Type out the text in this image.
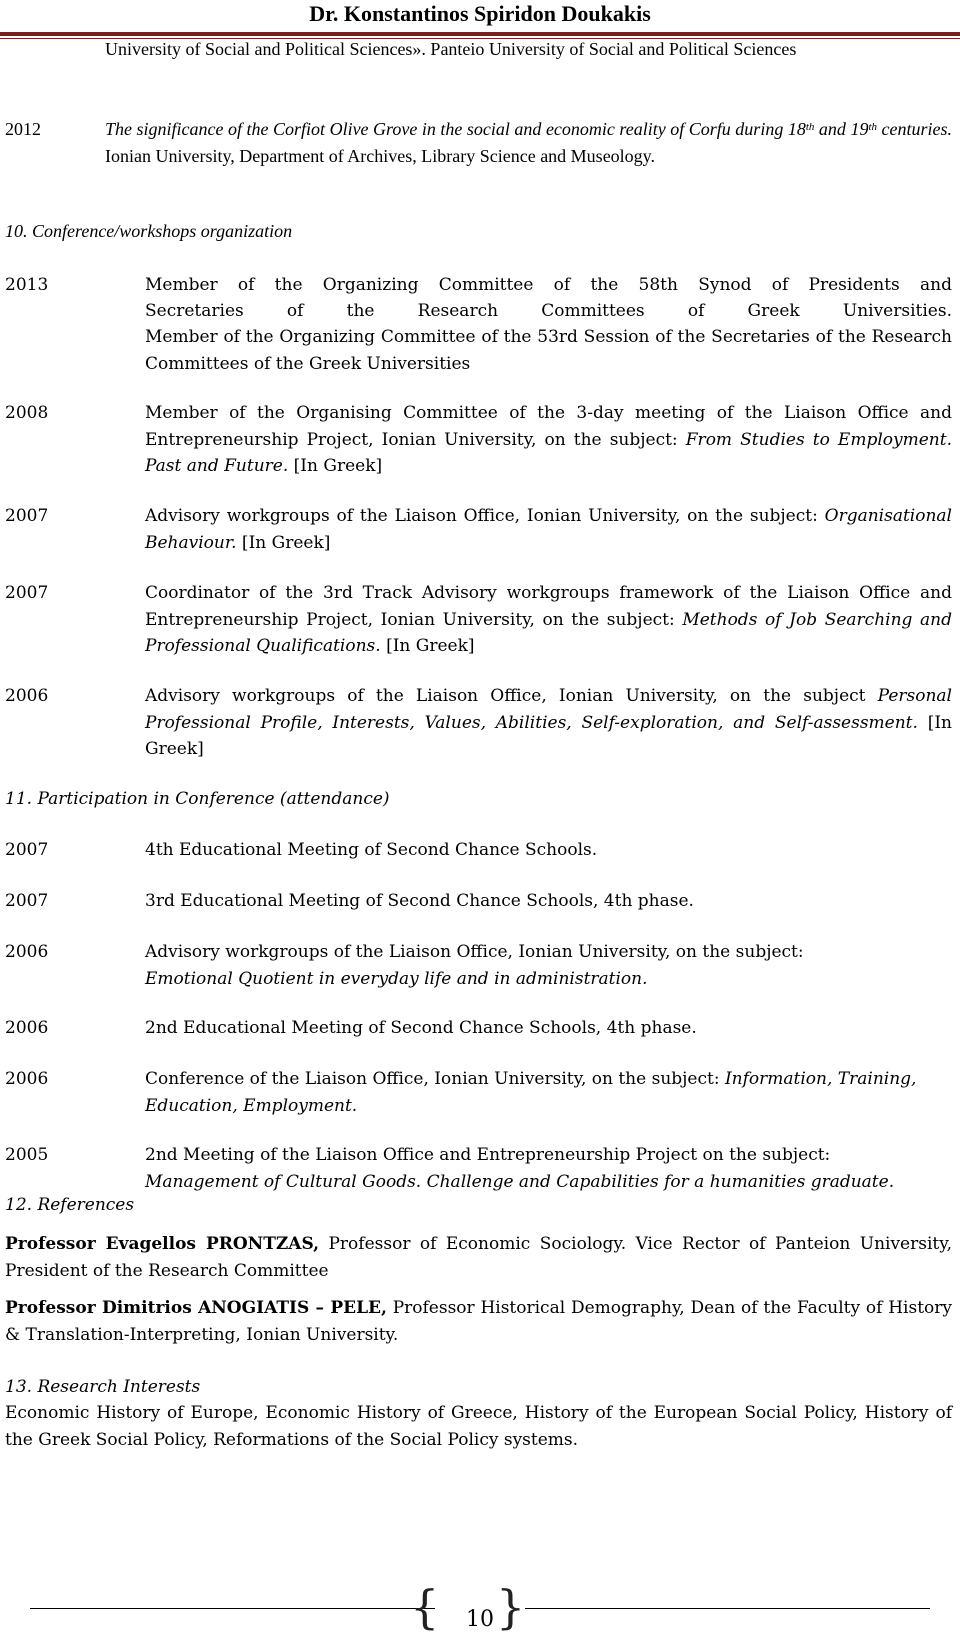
Dr. Konstantinos Spiridon Doukakis
University of Social and Political Sciences». Panteio University of Social and Political Sciences
2012	The significance of the Corfiot Olive Grove in the social and economic reality of Corfu during 18th and 19th centuries. Ionian University, Department of Archives, Library Science and Museology.
10. Conference/workshops organization
2013	Member of the Organizing Committee of the 58th Synod of Presidents and
Secretaries of the Research Committees of Greek Universities.
Member of the Organizing Committee of the 53rd Session of the Secretaries of the Research Committees of the Greek Universities
2008	Member of the Organising Committee of the 3-day meeting of the Liaison Office and Entrepreneurship Project, Ionian University, on the subject: From Studies to Employment. Past and Future. [In Greek]
2007	Advisory workgroups of the Liaison Office, Ionian University, on the subject: Organisational Behaviour. [In Greek]
2007	Coordinator of the 3rd Track Advisory workgroups framework of the Liaison Office and Entrepreneurship Project, Ionian University, on the subject: Methods of Job Searching and Professional Qualifications. [In Greek]
2006	Advisory workgroups of the Liaison Office, Ionian University, on the subject Personal Professional Profile, Interests, Values, Abilities, Self-exploration, and Self-assessment. [In Greek]
11. Participation in Conference (attendance)
2007	4th Educational Meeting of Second Chance Schools.
2007	3rd Educational Meeting of Second Chance Schools, 4th phase.
2006	Advisory workgroups of the Liaison Office, Ionian University, on the subject:
Emotional Quotient in everyday life and in administration.
2006	2nd Educational Meeting of Second Chance Schools, 4th phase.
2006	Conference of the Liaison Office, Ionian University, on the subject: Information, Training, Education, Employment.
2005	2nd Meeting of the Liaison Office and Entrepreneurship Project on the subject:
Management of Cultural Goods. Challenge and Capabilities for a humanities graduate.
12. References
Professor Evagellos PRONTZAS, Professor of Economic Sociology. Vice Rector of Panteion University, President of the Research Committee
Professor Dimitrios ANOGIATIS – PELE, Professor Historical Demography, Dean of the Faculty of History & Translation-Interpreting, Ionian University.
13. Research Interests
Economic History of Europe, Economic History of Greece, History of the European Social Policy, History of the Greek Social Policy, Reformations of the Social Policy systems.
{ }
10
